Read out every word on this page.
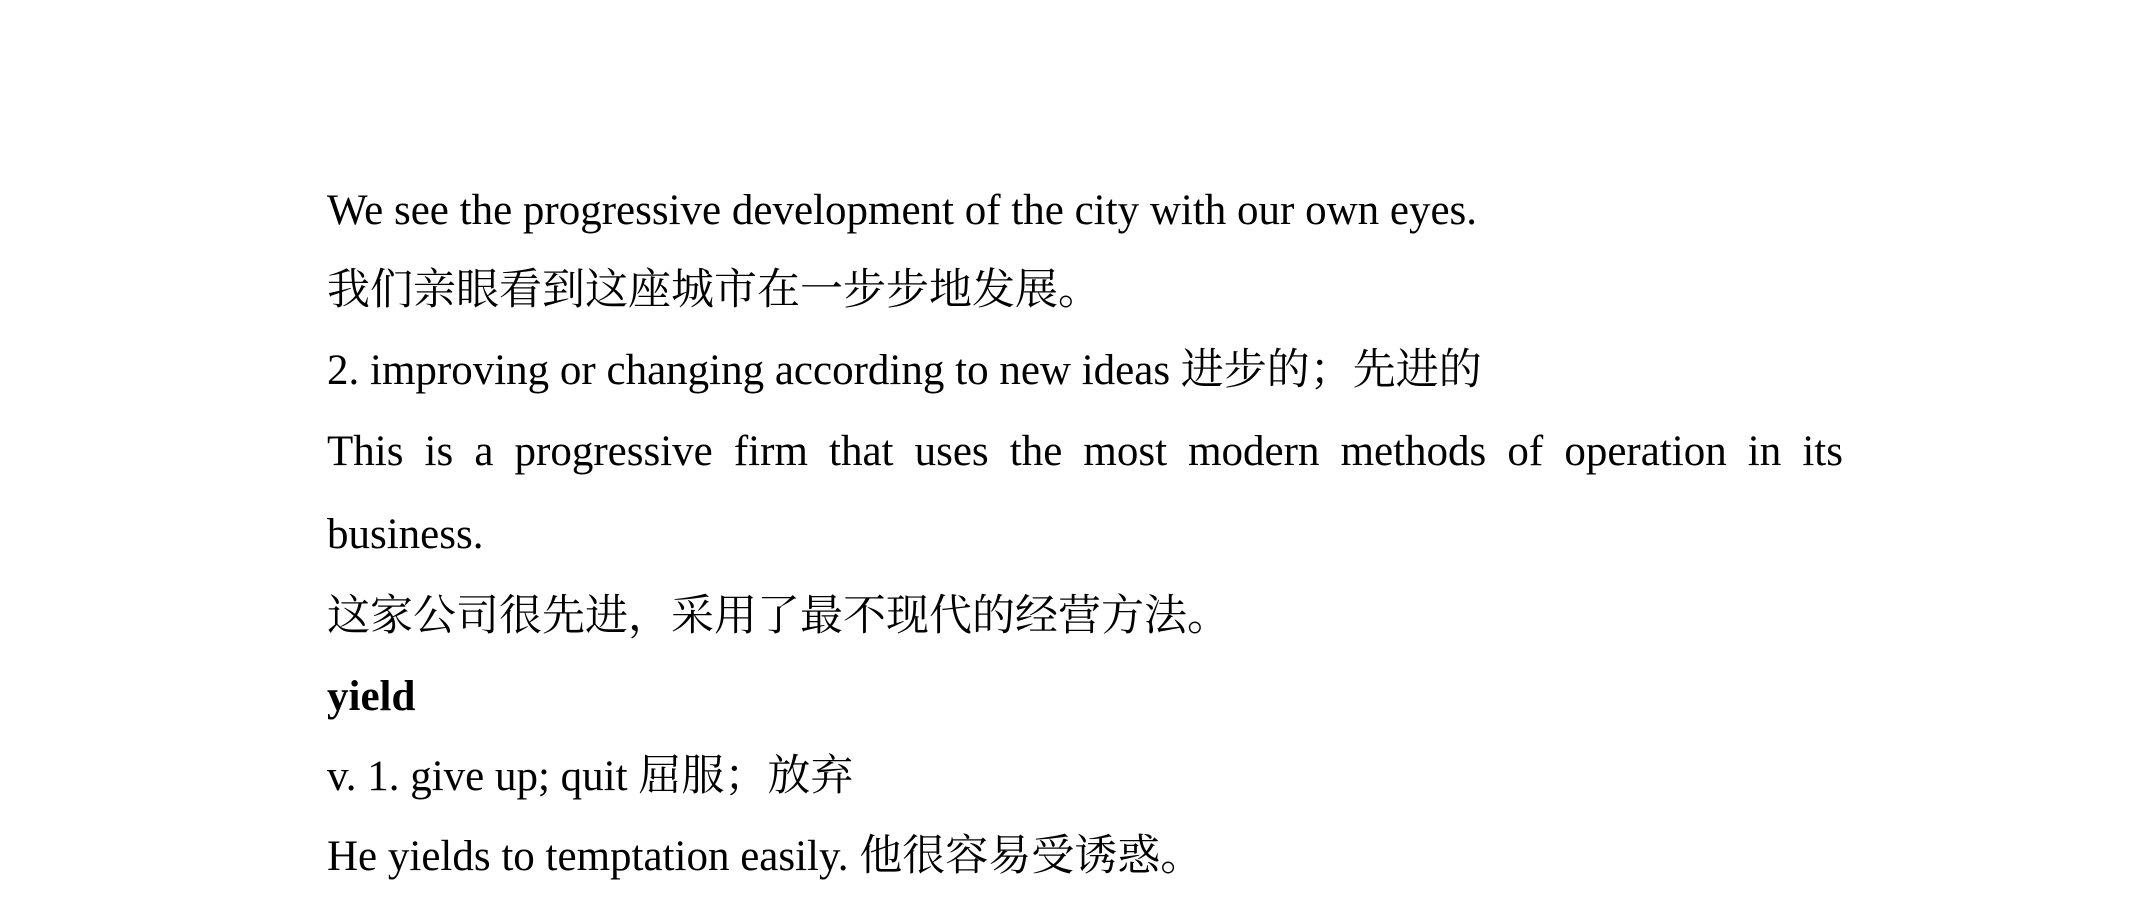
We see the progressive development of the city with our own eyes.
我们亲眼看到这座城市在一步步地发展。
2. improving or changing according to new ideas 进步的；先进的
This is a progressive firm that uses the most modern methods of operation in its
business.
这家公司很先进，采用了最不现代的经营方法。
yield
v. 1. give up; quit 屈服；放弃
He yields to temptation easily. 他很容易受诱惑。
